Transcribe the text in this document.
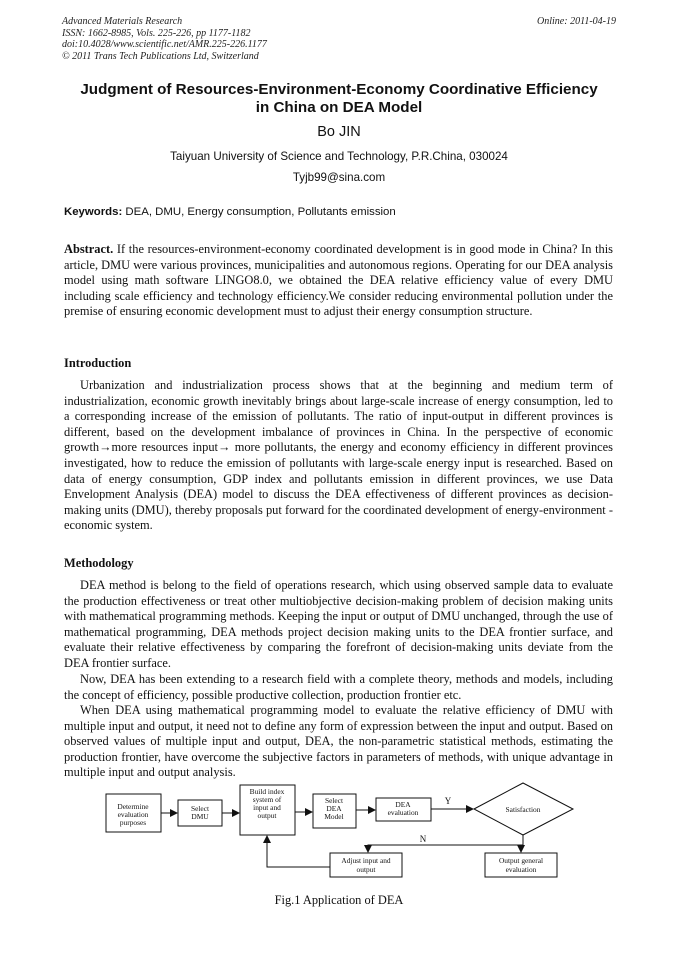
Advanced Materials Research
ISSN: 1662-8985, Vols. 225-226, pp 1177-1182
doi:10.4028/www.scientific.net/AMR.225-226.1177
© 2011 Trans Tech Publications Ltd, Switzerland
Online: 2011-04-19
Judgment of Resources-Environment-Economy Coordinative Efficiency
in China on DEA Model
Bo JIN
Taiyuan University of Science and Technology, P.R.China, 030024
Tyjb99@sina.com
Keywords: DEA, DMU, Energy consumption, Pollutants emission
Abstract. If the resources-environment-economy coordinated development is in good mode in China? In this article, DMU were various provinces, municipalities and autonomous regions. Operating for our DEA analysis model using math software LINGO8.0, we obtained the DEA relative efficiency value of every DMU including scale efficiency and technology efficiency.We consider reducing environmental pollution under the premise of ensuring economic development must to adjust their energy consumption structure.
Introduction
Urbanization and industrialization process shows that at the beginning and medium term of industrialization, economic growth inevitably brings about large-scale increase of energy consumption, led to a corresponding increase of the emission of pollutants. The ratio of input-output in different provinces is different, based on the development imbalance of provinces in China. In the perspective of economic growth→more resources input→ more pollutants, the energy and economy efficiency in different provinces investigated, how to reduce the emission of pollutants with large-scale energy input is researched. Based on data of energy consumption, GDP index and pollutants emission in different provinces, we use Data Envelopment Analysis (DEA) model to discuss the DEA effectiveness of different provinces as decision-making units (DMU), thereby proposals put forward for the coordinated development of energy-environment -economic system.
Methodology
DEA method is belong to the field of operations research, which using observed sample data to evaluate the production effectiveness or treat other multiobjective decision-making problem of decision making units with mathematical programming methods. Keeping the input or output of DMU unchanged, through the use of mathematical programming, DEA methods project decision making units to the DEA frontier surface, and evaluate their relative effectiveness by comparing the forefront of decision-making units deviate from the DEA frontier surface.
Now, DEA has been extending to a research field with a complete theory, methods and models, including the concept of efficiency, possible productive collection, production frontier etc.
When DEA using mathematical programming model to evaluate the relative efficiency of DMU with multiple input and output, it need not to define any form of expression between the input and output. Based on observed values of multiple input and output, DEA, the non-parametric statistical methods, estimating the production frontier, have overcome the subjective factors in parameters of methods, with unique advantage in multiple input and output analysis.
Determine
evaluation
purposes
Select
DMU
Build index
system of
input and
output
Select
DEA
Model
DEA
evaluation	Satisfaction
Adjust input and
output
Output general
evaluation
Y
N
Fig.1 Application of DEA
